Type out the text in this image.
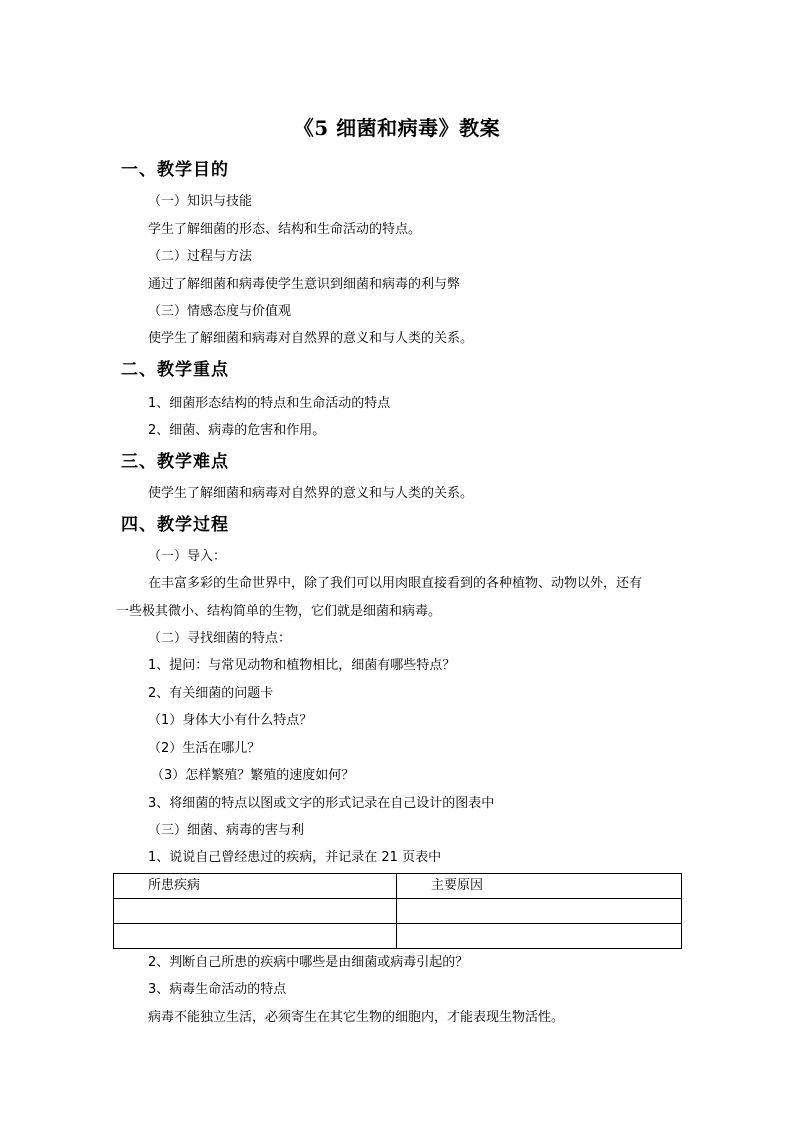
《5 细菌和病毒》教案
一、教学目的
（一）知识与技能
学生了解细菌的形态、结构和生命活动的特点。
（二）过程与方法
通过了解细菌和病毒使学生意识到细菌和病毒的利与弊
（三）情感态度与价值观
使学生了解细菌和病毒对自然界的意义和与人类的关系。
二、教学重点
1、细菌形态结构的特点和生命活动的特点
2、细菌、病毒的危害和作用。
三、教学难点
使学生了解细菌和病毒对自然界的意义和与人类的关系。
四、教学过程
（一）导入：
在丰富多彩的生命世界中，除了我们可以用肉眼直接看到的各种植物、动物以外，还有
一些极其微小、结构简单的生物，它们就是细菌和病毒。
（二）寻找细菌的特点：
1、提问：与常见动物和植物相比，细菌有哪些特点？
2、有关细菌的问题卡
（1）身体大小有什么特点？
（2）生活在哪儿？
（3）怎样繁殖？繁殖的速度如何？
3、将细菌的特点以图或文字的形式记录在自己设计的图表中
（三）细菌、病毒的害与利
1、说说自己曾经患过的疾病，并记录在 21 页表中
所患疾病	主要原因

2、判断自己所患的疾病中哪些是由细菌或病毒引起的？
3、病毒生命活动的特点
病毒不能独立生活，必须寄生在其它生物的细胞内，才能表现生物活性。
